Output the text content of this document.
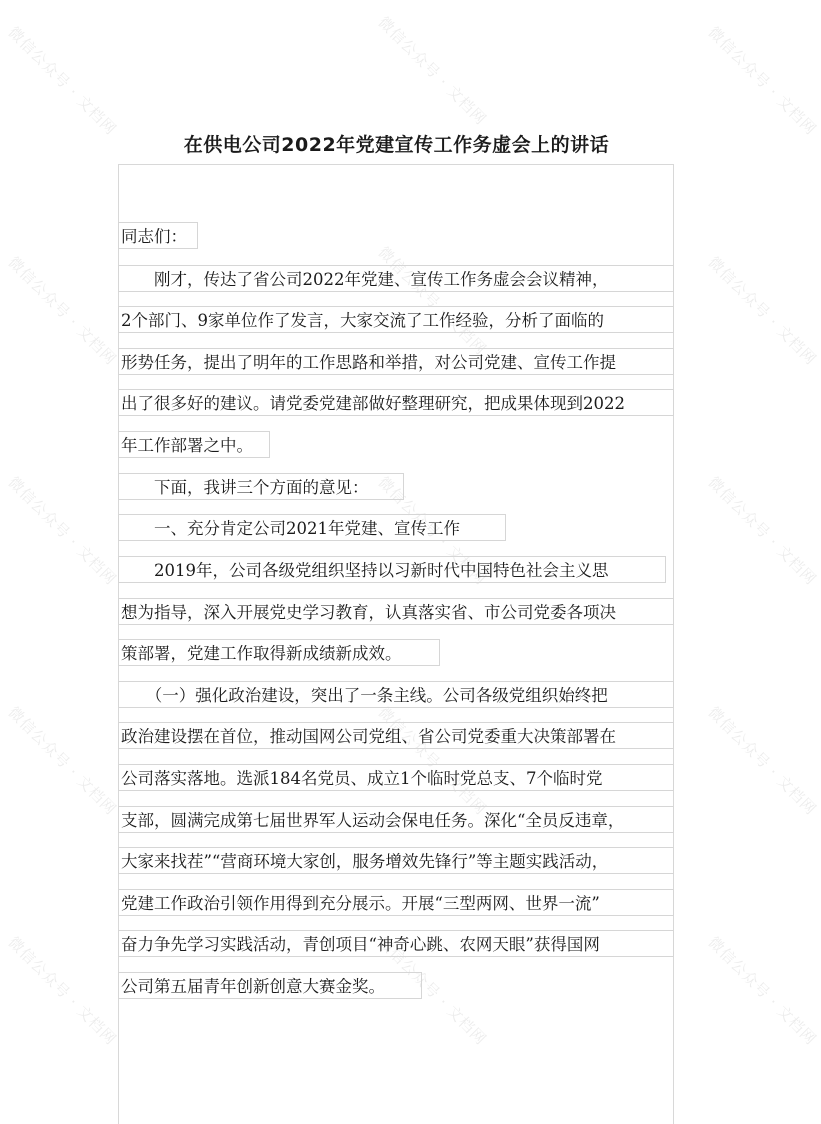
微信公众号 · 文档网	微信公众号 · 文档网	微信公众号 · 文档网
微信公众号 · 文档网	微信公众号 · 文档网	微信公众号 · 文档网
微信公众号 · 文档网	微信公众号 · 文档网	微信公众号 · 文档网
微信公众号 · 文档网	微信公众号 · 文档网	微信公众号 · 文档网
微信公众号 · 文档网	微信公众号 · 文档网	微信公众号 · 文档网
在供电公司2022年党建宣传工作务虚会上的讲话
同志们：
　　刚才，传达了省公司2022年党建、宣传工作务虚会会议精神，
2个部门、9家单位作了发言，大家交流了工作经验，分析了面临的
形势任务，提出了明年的工作思路和举措，对公司党建、宣传工作提
出了很多好的建议。请党委党建部做好整理研究，把成果体现到2022
年工作部署之中。
　　下面，我讲三个方面的意见：
　　一、充分肯定公司2021年党建、宣传工作
　　2019年，公司各级党组织坚持以习新时代中国特色社会主义思
想为指导，深入开展党史学习教育，认真落实省、市公司党委各项决
策部署，党建工作取得新成绩新成效。
　　（一）强化政治建设，突出了一条主线。公司各级党组织始终把
政治建设摆在首位，推动国网公司党组、省公司党委重大决策部署在
公司落实落地。选派184名党员、成立1个临时党总支、7个临时党
支部，圆满完成第七届世界军人运动会保电任务。深化“全员反违章，
大家来找茬”“营商环境大家创，服务增效先锋行”等主题实践活动，
党建工作政治引领作用得到充分展示。开展“三型两网、世界一流”
奋力争先学习实践活动，青创项目“神奇心跳、农网天眼”获得国网
公司第五届青年创新创意大赛金奖。
